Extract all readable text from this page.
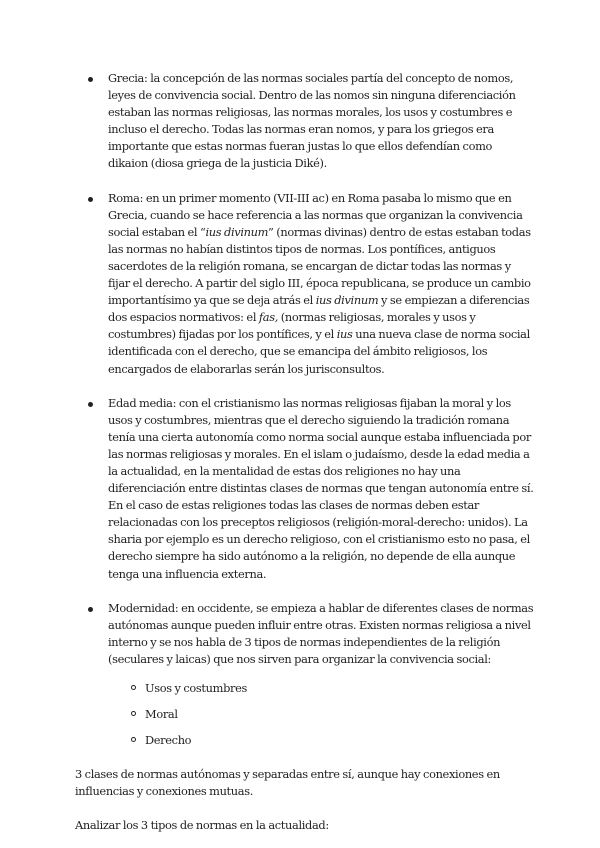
Grecia: la concepción de las normas sociales partía del concepto de nomos, leyes de convivencia social. Dentro de las nomos sin ninguna diferenciación estaban las normas religiosas, las normas morales, los usos y costumbres e incluso el derecho. Todas las normas eran nomos, y para los griegos era importante que estas normas fueran justas lo que ellos defendían como dikaion (diosa griega de la justicia Diké).
Roma: en un primer momento (VII-III ac) en Roma pasaba lo mismo que en Grecia, cuando se hace referencia a las normas que organizan la convivencia social estaban el “ius divinum” (normas divinas) dentro de estas estaban todas las normas no habían distintos tipos de normas. Los pontífices, antiguos sacerdotes de la religión romana, se encargan de dictar todas las normas y fijar el derecho. A partir del siglo III, época republicana, se produce un cambio importantísimo ya que se deja atrás el ius divinum y se empiezan a diferencias dos espacios normativos: el fas, (normas religiosas, morales y usos y costumbres) fijadas por los pontífices, y el ius una nueva clase de norma social identificada con el derecho, que se emancipa del ámbito religiosos, los encargados de elaborarlas serán los jurisconsultos.
Edad media: con el cristianismo las normas religiosas fijaban la moral y los usos y costumbres, mientras que el derecho siguiendo la tradición romana tenía una cierta autonomía como norma social aunque estaba influenciada por las normas religiosas y morales. En el islam o judaísmo, desde la edad media a la actualidad, en la mentalidad de estas dos religiones no hay una diferenciación entre distintas clases de normas que tengan autonomía entre sí. En el caso de estas religiones todas las clases de normas deben estar relacionadas con los preceptos religiosos (religión-moral-derecho: unidos). La sharia por ejemplo es un derecho religioso, con el cristianismo esto no pasa, el derecho siempre ha sido autónomo a la religión, no depende de ella aunque tenga una influencia externa.
Modernidad: en occidente, se empieza a hablar de diferentes clases de normas autónomas aunque pueden influir entre otras. Existen normas religiosa a nivel interno y se nos habla de 3 tipos de normas independientes de la religión (seculares y laicas) que nos sirven para organizar la convivencia social:
Usos y costumbres
Moral
Derecho

3 clases de normas autónomas y separadas entre sí, aunque hay conexiones en influencias y conexiones mutuas.

Analizar los 3 tipos de normas en la actualidad:
